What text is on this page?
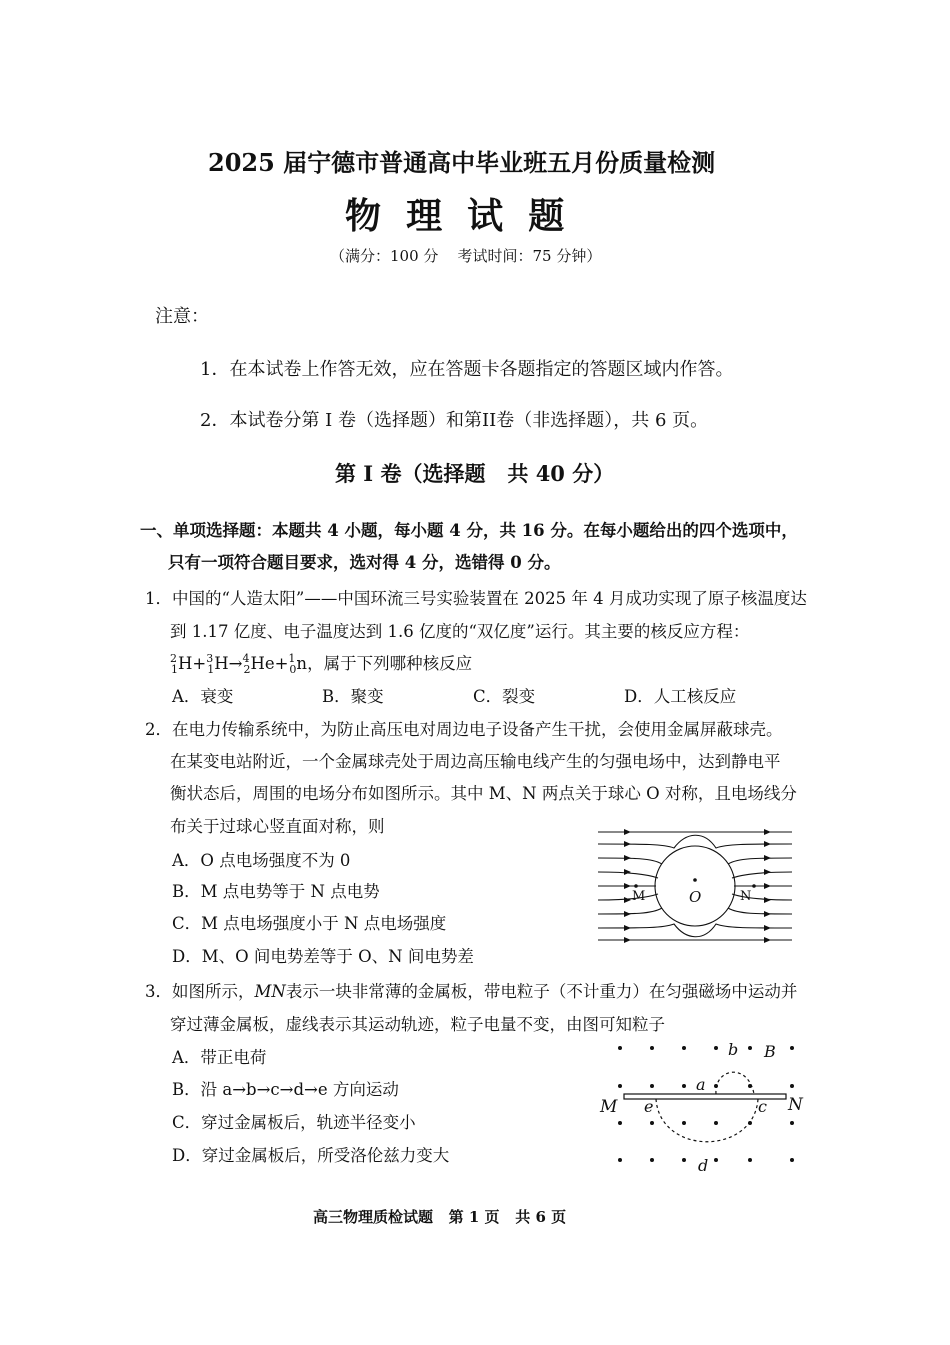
2025 届宁德市普通高中毕业班五月份质量检测
物  理  试  题
（满分：100 分    考试时间：75 分钟）
注意：
1．在本试卷上作答无效，应在答题卡各题指定的答题区域内作答。
2．本试卷分第 I 卷（选择题）和第II卷（非选择题），共 6 页。
第 I 卷（选择题   共 40 分）
一、单项选择题：本题共 4 小题，每小题 4 分，共 16 分。在每小题给出的四个选项中，
只有一项符合题目要求，选对得 4 分，选错得 0 分。
1．中国的“人造太阳”——中国环流三号实验装置在 2025 年 4 月成功实现了原子核温度达
到 1.17 亿度、电子温度达到 1.6 亿度的“双亿度”运行。其主要的核反应方程：
$^2_1$H+$^3_1$H→$^4_2$He+$^1_0$n，属于下列哪种核反应
A．衰变	B．聚变	C．裂变	D．人工核反应
2．在电力传输系统中，为防止高压电对周边电子设备产生干扰，会使用金属屏蔽球壳。
在某变电站附近，一个金属球壳处于周边高压输电线产生的匀强电场中，达到静电平
衡状态后，周围的电场分布如图所示。其中 M、N 两点关于球心 O 对称，且电场线分
布关于过球心竖直面对称，则
A．O 点电场强度不为 0
B．M 点电势等于 N 点电势
C．M 点电场强度小于 N 点电场强度
D．M、O 间电势差等于 O、N 间电势差
M	O	N
3．如图所示，MN表示一块非常薄的金属板，带电粒子（不计重力）在匀强磁场中运动并
穿过薄金属板，虚线表示其运动轨迹，粒子电量不变，由图可知粒子
A．带正电荷
B．沿 a→b→c→d→e 方向运动
C．穿过金属板后，轨迹半径变小
D．穿过金属板后，所受洛伦兹力变大
M	N
a
b
c
d
e
B
高三物理质检试题   第 1 页   共 6 页
